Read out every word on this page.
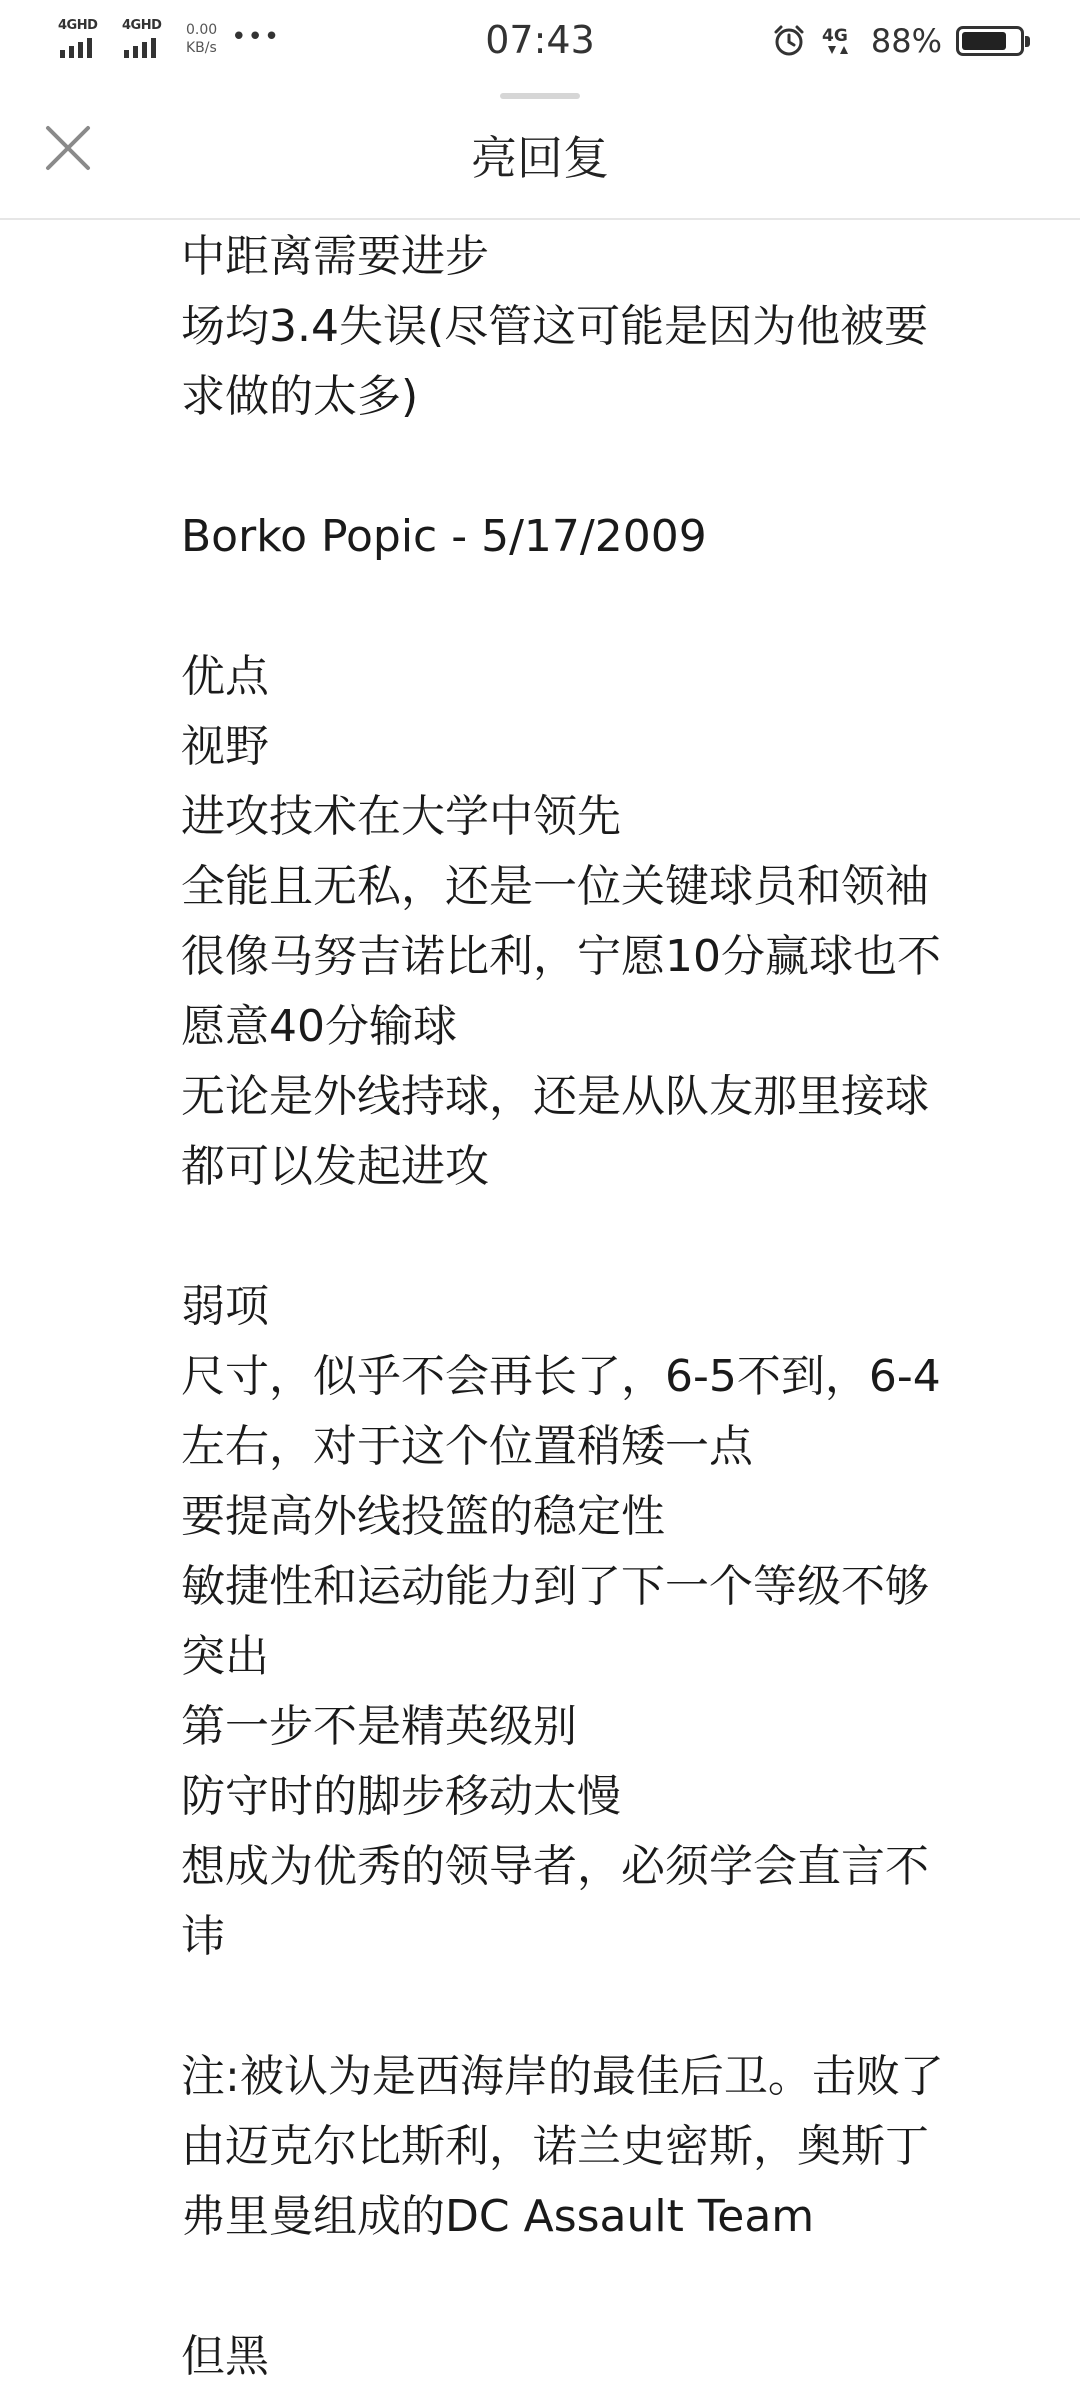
4GHD 4GHD 0.00
KB/s •••	07:43	4G 88%
亮回复

中距离需要进步

场均3.4失误(尽管这可能是因为他被要

求做的太多)

Borko Popic - 5/17/2009

优点

视野

进攻技术在大学中领先

全能且无私，还是一位关键球员和领袖

很像马努吉诺比利，宁愿10分赢球也不

愿意40分输球

无论是外线持球，还是从队友那里接球

都可以发起进攻

弱项

尺寸，似乎不会再长了，6-5不到，6-4

左右，对于这个位置稍矮一点

要提高外线投篮的稳定性

敏捷性和运动能力到了下一个等级不够

突出

第一步不是精英级别

防守时的脚步移动太慢

想成为优秀的领导者，必须学会直言不

讳

注:被认为是西海岸的最佳后卫。击败了

由迈克尔比斯利，诺兰史密斯，奥斯丁

弗里曼组成的DC Assault Team

但黑
